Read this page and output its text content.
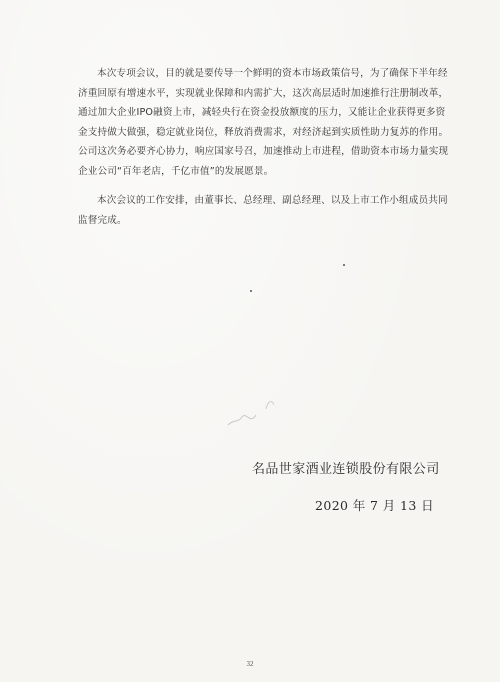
本次专项会议，目的就是要传导一个鲜明的资本市场政策信号，为了确保下半年经
济重回原有增速水平，实现就业保障和内需扩大，这次高层适时加速推行注册制改革，
通过加大企业IPO融资上市，减轻央行在资金投放额度的压力，又能让企业获得更多资
金支持做大做强，稳定就业岗位，释放消费需求，对经济起到实质性助力复苏的作用。
公司这次务必要齐心协力，响应国家号召，加速推动上市进程，借助资本市场力量实现
企业公司“百年老店，千亿市值”的发展愿景。

本次会议的工作安排，由董事长、总经理、副总经理、以及上市工作小组成员共同
监督完成。

名品世家酒业连锁股份有限公司
2020 年 7 月 13 日
32
